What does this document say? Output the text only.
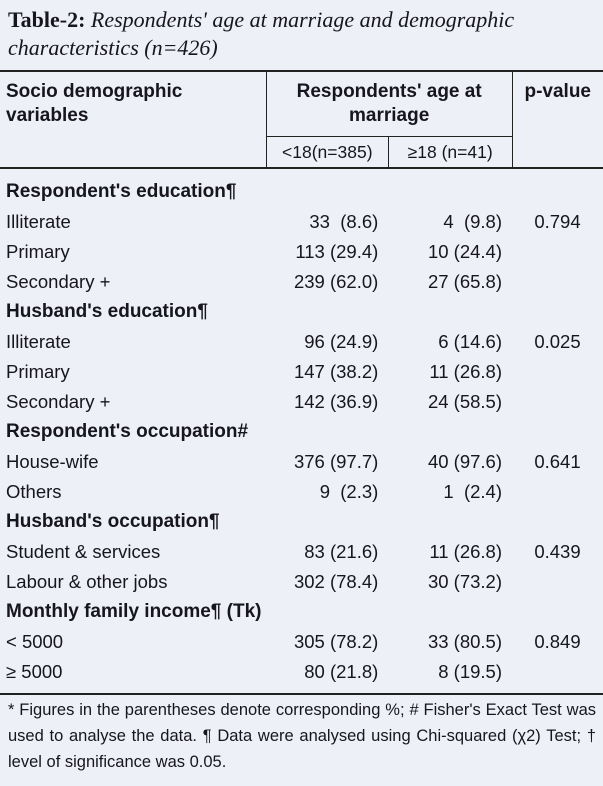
Table-2: Respondents' age at marriage and demographic characteristics (n=426)
Socio demographic variables	Respondents' age at marriage		p-value
	<18(n=385)	≥18 (n=41)	

Respondent's education¶			
Illiterate	33  (8.6)	4  (9.8)	0.794
Primary	113 (29.4)	10 (24.4)	
Secondary +	239 (62.0)	27 (65.8)	
Husband's education¶			
Illiterate	96 (24.9)	6 (14.6)	0.025
Primary	147 (38.2)	11 (26.8)	
Secondary +	142 (36.9)	24 (58.5)	
Respondent's occupation#			
House-wife	376 (97.7)	40 (97.6)	0.641
Others	9  (2.3)	1  (2.4)	
Husband's occupation¶			
Student & services	83 (21.6)	11 (26.8)	0.439
Labour & other jobs	302 (78.4)	30 (73.2)	
Monthly family income¶ (Tk)			
< 5000	305 (78.2)	33 (80.5)	0.849
≥ 5000	80 (21.8)	8 (19.5)	

* Figures in the parentheses denote corresponding %; # Fisher's Exact Test was used to analyse the data. ¶ Data were analysed using Chi-squared (χ2) Test; † level of significance was 0.05.
